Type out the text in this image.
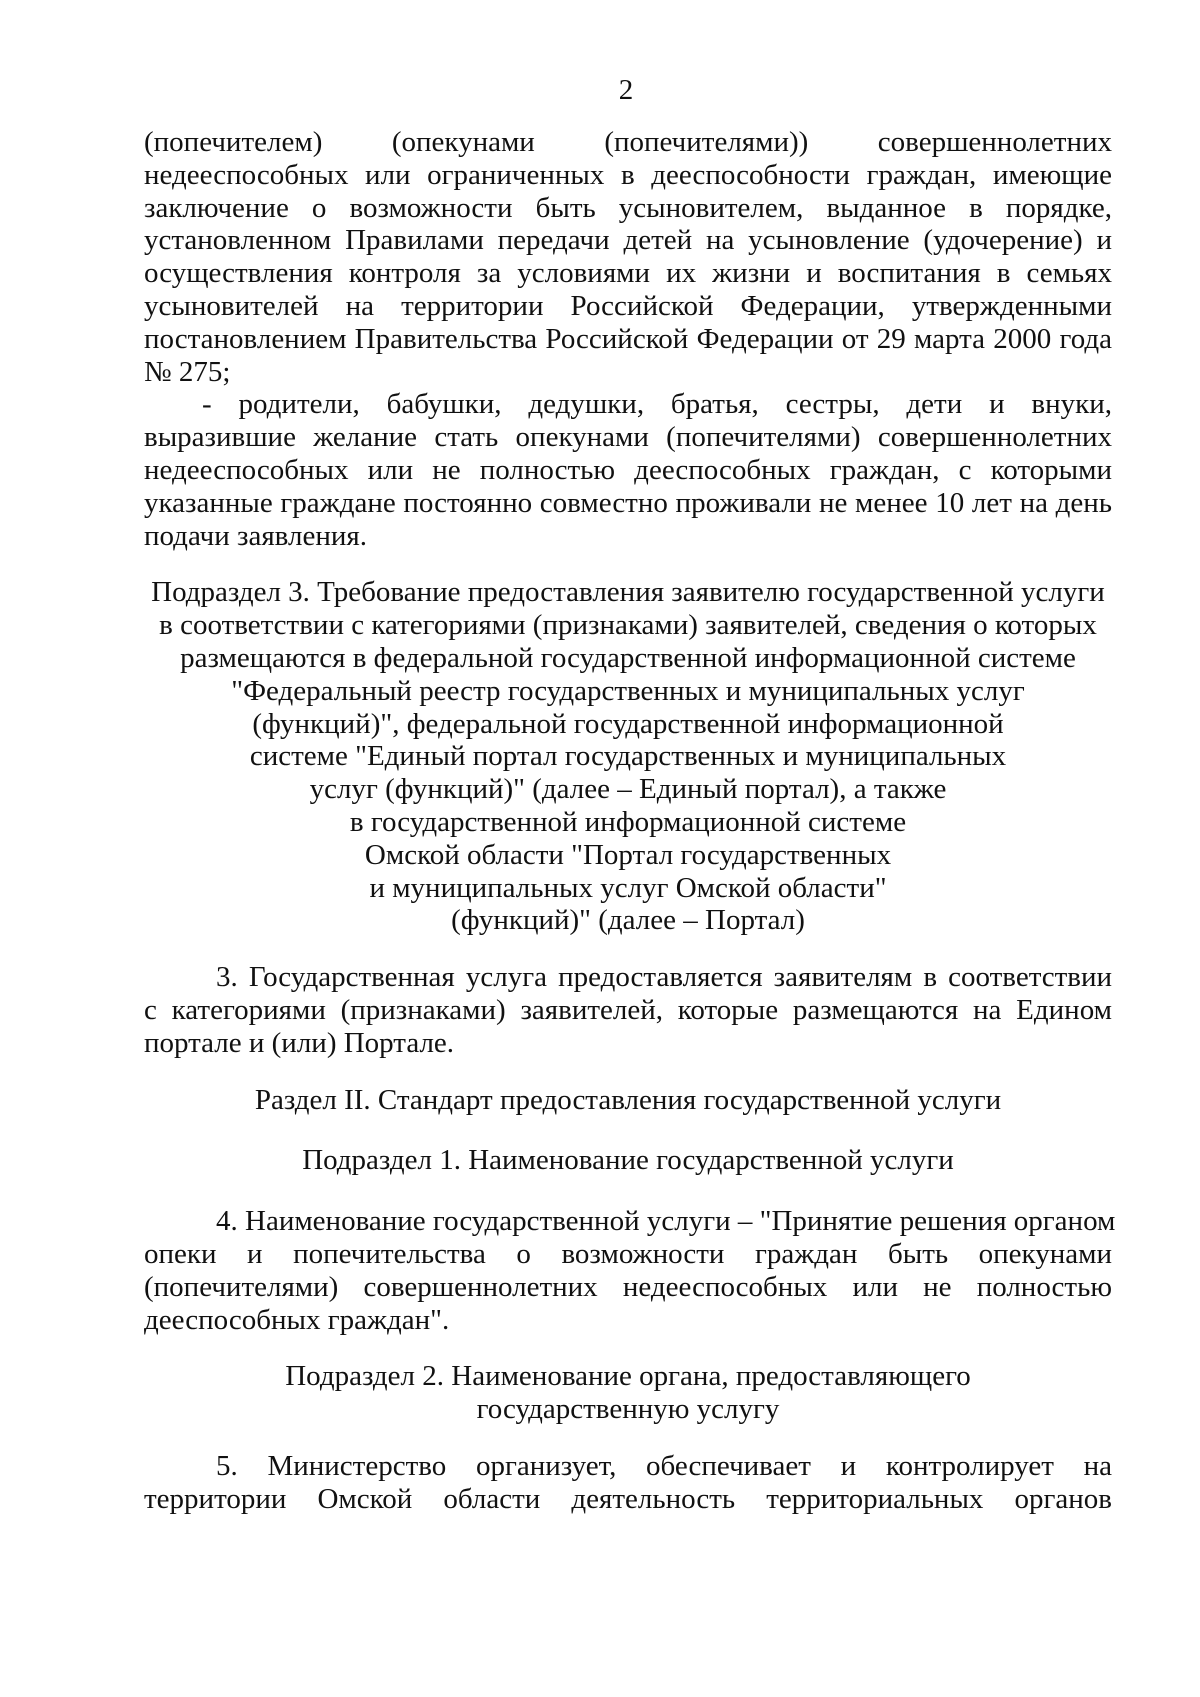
2
(попечителем) (опекунами (попечителями)) совершеннолетних
недееспособных или ограниченных в дееспособности граждан, имеющие
заключение о возможности быть усыновителем, выданное в порядке,
установленном Правилами передачи детей на усыновление (удочерение) и
осуществления контроля за условиями их жизни и воспитания в семьях
усыновителей на территории Российской Федерации, утвержденными
постановлением Правительства Российской Федерации от 29 марта 2000 года
№ 275;
- родители, бабушки, дедушки, братья, сестры, дети и внуки,
выразившие желание стать опекунами (попечителями) совершеннолетних
недееспособных или не полностью дееспособных граждан, с которыми
указанные граждане постоянно совместно проживали не менее 10 лет на день
подачи заявления.
Подраздел 3. Требование предоставления заявителю государственной услуги
в соответствии с категориями (признаками) заявителей, сведения о которых
размещаются в федеральной государственной информационной системе
"Федеральный реестр государственных и муниципальных услуг
(функций)", федеральной государственной информационной
системе "Единый портал государственных и муниципальных
услуг (функций)" (далее – Единый портал), а также
в государственной информационной системе
Омской области "Портал государственных
и муниципальных услуг Омской области"
(функций)" (далее – Портал)
3. Государственная услуга предоставляется заявителям в соответствии
с категориями (признаками) заявителей, которые размещаются на Едином
портале и (или) Портале.
Раздел II. Стандарт предоставления государственной услуги
Подраздел 1. Наименование государственной услуги
4. Наименование государственной услуги – "Принятие решения органом
опеки и попечительства о возможности граждан быть опекунами
(попечителями) совершеннолетних недееспособных или не полностью
дееспособных граждан".
Подраздел 2. Наименование органа, предоставляющего
государственную услугу
5. Министерство организует, обеспечивает и контролирует на
территории Омской области деятельность территориальных органов
